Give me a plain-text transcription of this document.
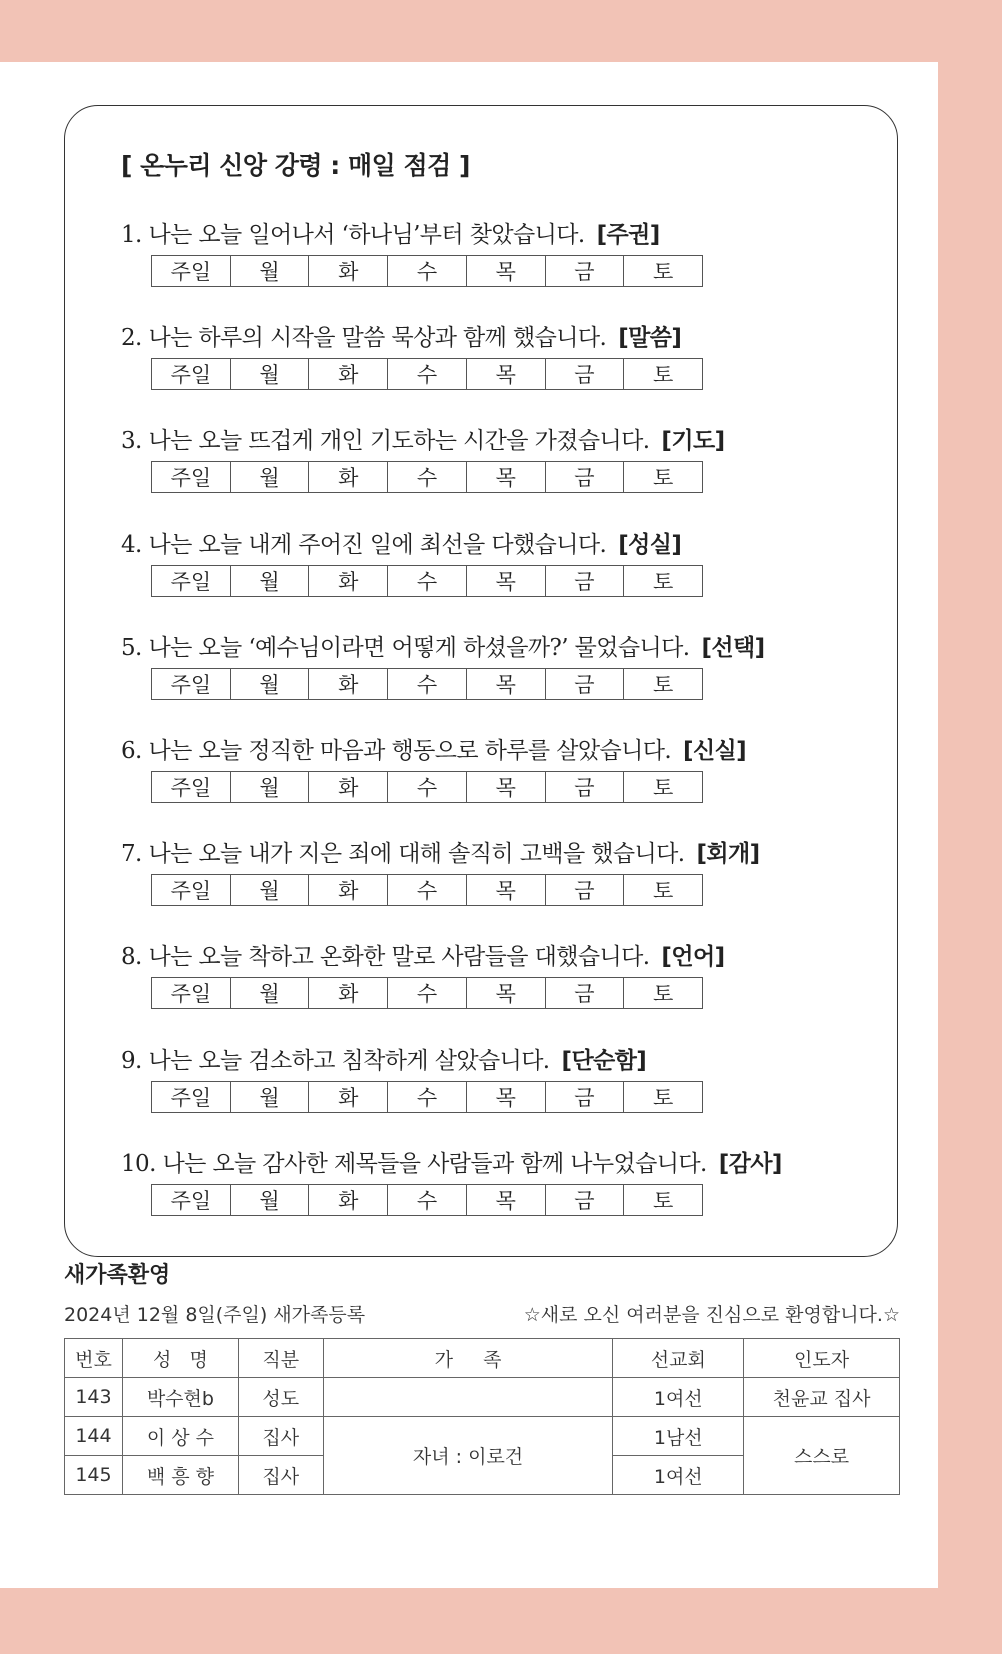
[ 온누리 신앙 강령 : 매일 점검 ]
1. 나는 오늘 일어나서 ‘하나님’부터 찾았습니다. [주권]
주일	월	화	수	목	금	토
2. 나는 하루의 시작을 말씀 묵상과 함께 했습니다. [말씀]
주일	월	화	수	목	금	토
3. 나는 오늘 뜨겁게 개인 기도하는 시간을 가졌습니다. [기도]
주일	월	화	수	목	금	토
4. 나는 오늘 내게 주어진 일에 최선을 다했습니다. [성실]
주일	월	화	수	목	금	토
5. 나는 오늘 ‘예수님이라면 어떻게 하셨을까?’ 물었습니다. [선택]
주일	월	화	수	목	금	토
6. 나는 오늘 정직한 마음과 행동으로 하루를 살았습니다. [신실]
주일	월	화	수	목	금	토
7. 나는 오늘 내가 지은 죄에 대해 솔직히 고백을 했습니다. [회개]
주일	월	화	수	목	금	토
8. 나는 오늘 착하고 온화한 말로 사람들을 대했습니다. [언어]
주일	월	화	수	목	금	토
9. 나는 오늘 검소하고 침착하게 살았습니다. [단순함]
주일	월	화	수	목	금	토
10. 나는 오늘 감사한 제목들을 사람들과 함께 나누었습니다. [감사]
주일	월	화	수	목	금	토
새가족환영
2024년 12월 8일(주일) 새가족등록	☆새로 오신 여러분을 진심으로 환영합니다.☆
번호	성   명	직분	가     족	선교회	인도자
143	박수현b	성도		1여선	천윤교 집사
144	이 상 수	집사	자녀 : 이로건	1남선	스스로
145	백 흥 향	집사		1여선	
